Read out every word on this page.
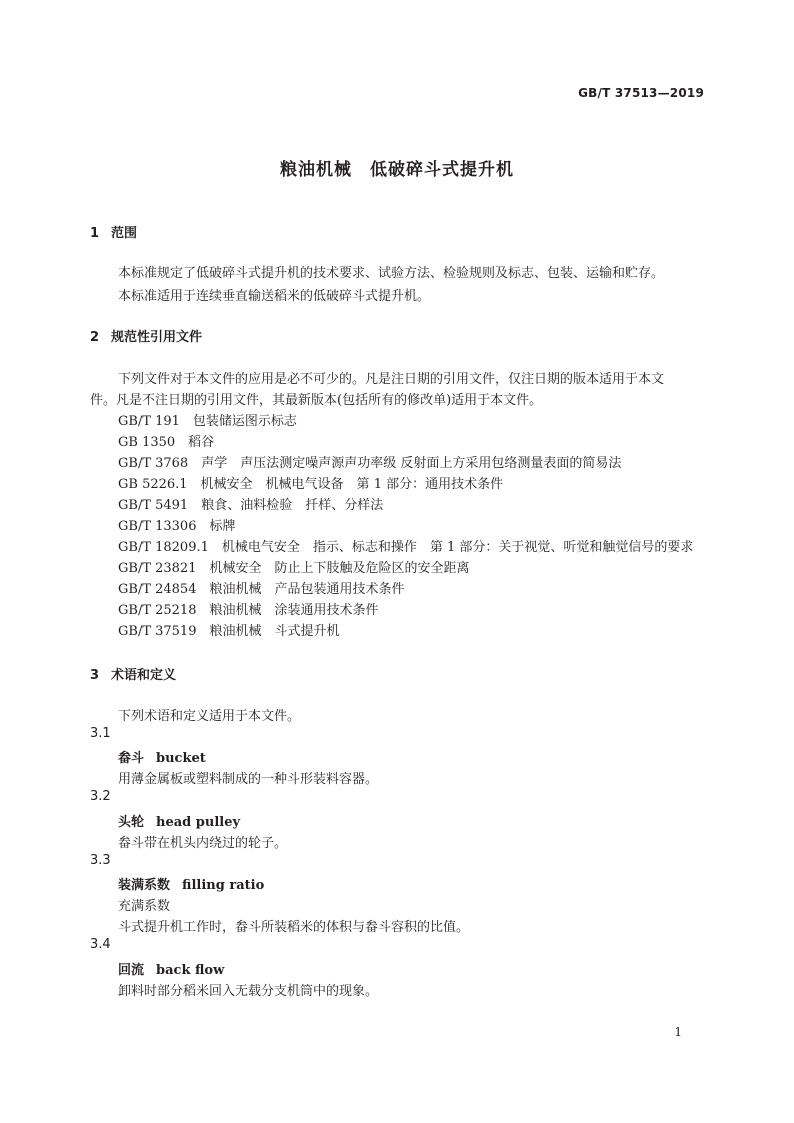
GB/T 37513—2019
粮油机械　低破碎斗式提升机
1 范围
本标准规定了低破碎斗式提升机的技术要求、试验方法、检验规则及标志、包装、运输和贮存。
本标准适用于连续垂直输送稻米的低破碎斗式提升机。
2 规范性引用文件
下列文件对于本文件的应用是必不可少的。凡是注日期的引用文件，仅注日期的版本适用于本文
件。凡是不注日期的引用文件，其最新版本(包括所有的修改单)适用于本文件。
GB/T 191　包装储运图示标志
GB 1350　稻谷
GB/T 3768　声学　声压法测定噪声源声功率级 反射面上方采用包络测量表面的简易法
GB 5226.1　机械安全　机械电气设备　第 1 部分：通用技术条件
GB/T 5491　粮食、油料检验　扦样、分样法
GB/T 13306　标牌
GB/T 18209.1　机械电气安全　指示、标志和操作　第 1 部分：关于视觉、听觉和触觉信号的要求
GB/T 23821　机械安全　防止上下肢触及危险区的安全距离
GB/T 24854　粮油机械　产品包装通用技术条件
GB/T 25218　粮油机械　涂装通用技术条件
GB/T 37519　粮油机械　斗式提升机
3 术语和定义
下列术语和定义适用于本文件。
3.1
畚斗 bucket
用薄金属板或塑料制成的一种斗形装料容器。
3.2
头轮 head pulley
畚斗带在机头内绕过的轮子。
3.3
装满系数 filling ratio
充满系数
斗式提升机工作时，畚斗所装稻米的体积与畚斗容积的比值。
3.4
回流 back flow
卸料时部分稻米回入无载分支机筒中的现象。
1
